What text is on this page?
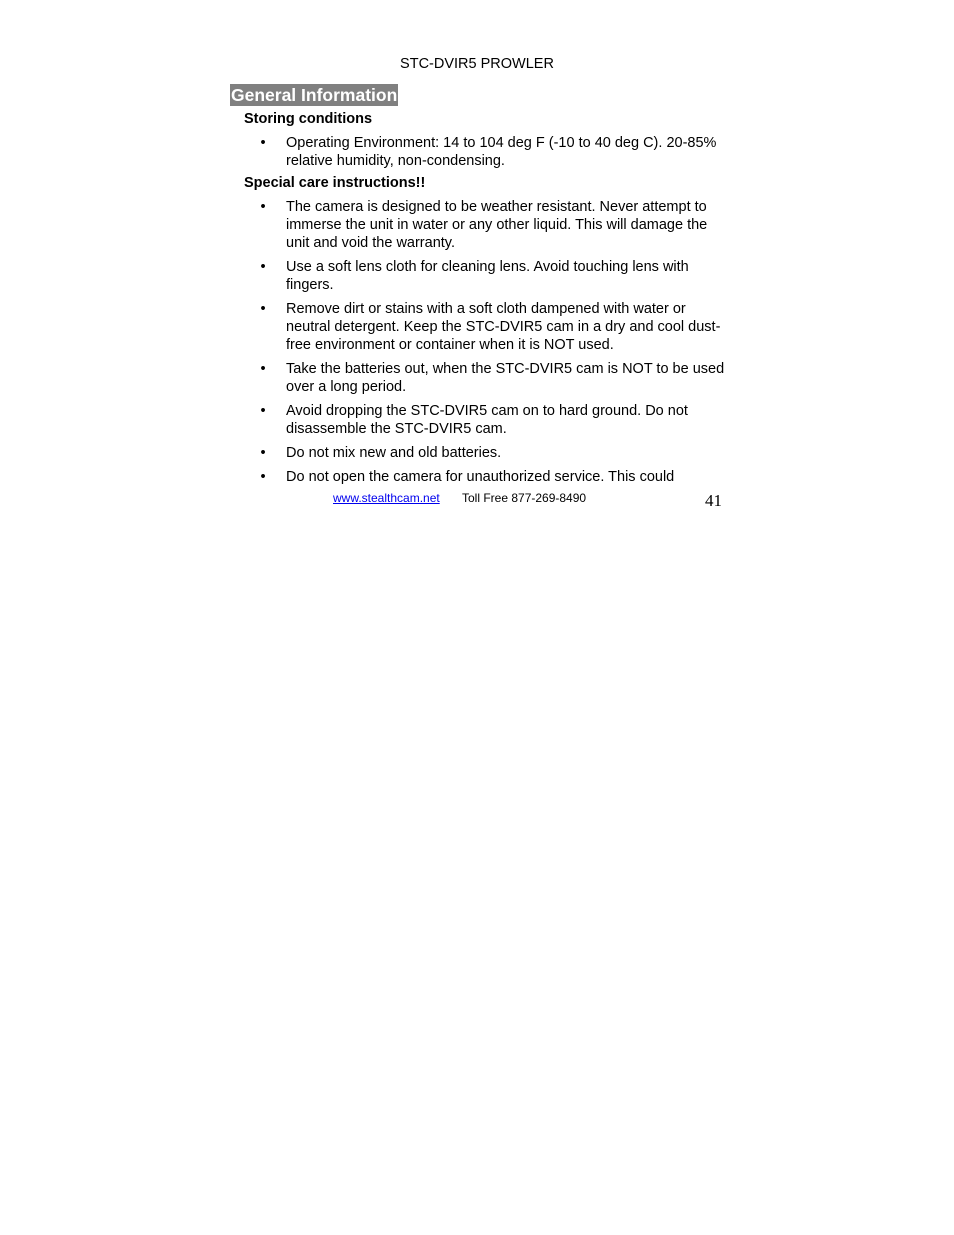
STC-DVIR5 PROWLER
General Information
Storing conditions
• Operating Environment: 14 to 104 deg F (-10 to 40 deg C). 20-85% relative humidity, non-condensing.
Special care instructions!!
• The camera is designed to be weather resistant. Never attempt to immerse the unit in water or any other liquid. This will damage the unit and void the warranty.
• Use a soft lens cloth for cleaning lens. Avoid touching lens with fingers.
• Remove dirt or stains with a soft cloth dampened with water or neutral detergent. Keep the STC-DVIR5 cam in a dry and cool dust-free environment or container when it is NOT used.
• Take the batteries out, when the STC-DVIR5 cam is NOT to be used over a long period.
• Avoid dropping the STC-DVIR5 cam on to hard ground. Do not disassemble the STC-DVIR5 cam.
• Do not mix new and old batteries.
• Do not open the camera for unauthorized service. This could
www.stealthcam.net Toll Free 877-269-8490	41
